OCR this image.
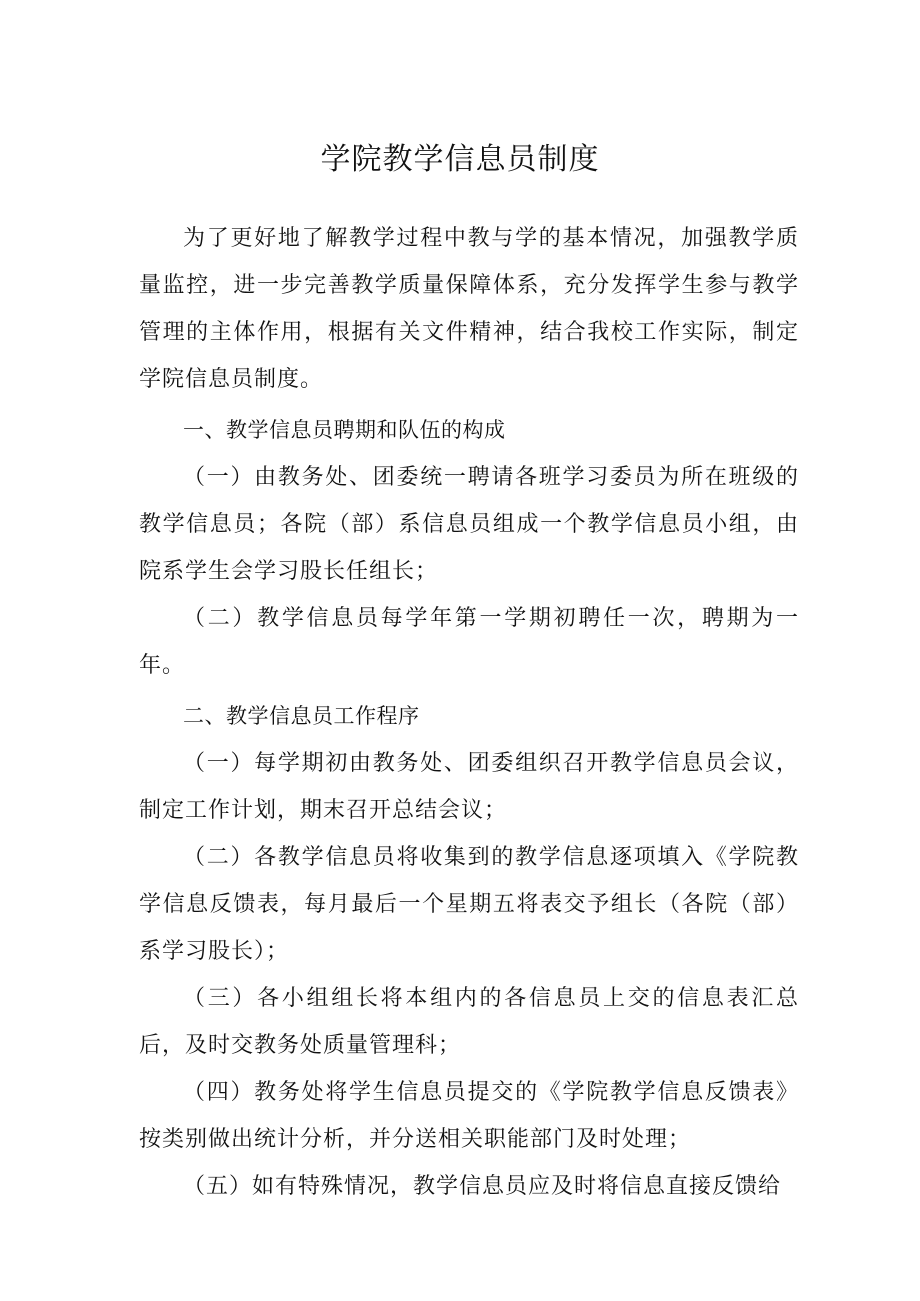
学院教学信息员制度

为了更好地了解教学过程中教与学的基本情况，加强教学质量监控，进一步完善教学质量保障体系，充分发挥学生参与教学管理的主体作用，根据有关文件精神，结合我校工作实际，制定学院信息员制度。

一、教学信息员聘期和队伍的构成

（一）由教务处、团委统一聘请各班学习委员为所在班级的教学信息员；各院（部）系信息员组成一个教学信息员小组，由院系学生会学习股长任组长；

（二）教学信息员每学年第一学期初聘任一次，聘期为一年。

二、教学信息员工作程序

（一）每学期初由教务处、团委组织召开教学信息员会议，制定工作计划，期末召开总结会议；

（二）各教学信息员将收集到的教学信息逐项填入《学院教学信息反馈表，每月最后一个星期五将表交予组长（各院（部）系学习股长）；

（三）各小组组长将本组内的各信息员上交的信息表汇总后，及时交教务处质量管理科；

（四）教务处将学生信息员提交的《学院教学信息反馈表》按类别做出统计分析，并分送相关职能部门及时处理；

（五）如有特殊情况，教学信息员应及时将信息直接反馈给
